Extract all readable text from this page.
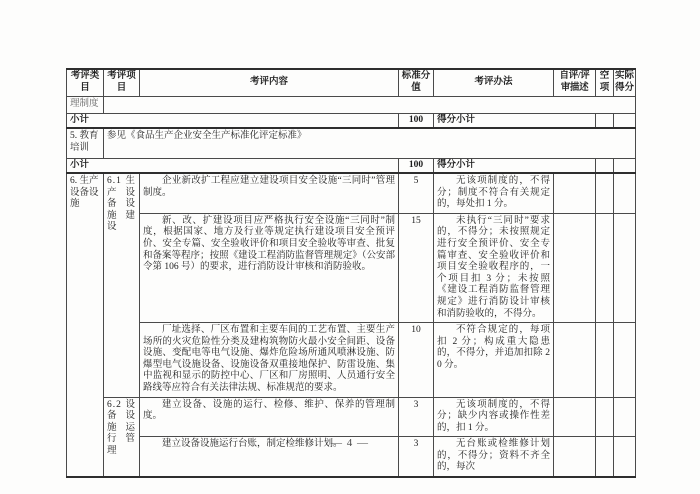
考评类目	考评项目	考评内容	标准分值	考评办法	自评/评审描述	空项	实际得分
理制度							
小计			100	得分小计			
5. 教育培训	参见《食品生产企业安全生产标准化评定标准》						
小计			100	得分小计			
6. 生产设备设施	6.1 生产设备设施建设	企业新改扩工程应建立建设项目安全设施“三同时”管理制度。	5	无该项制度的，不得分；制度不符合有关规定的，每处扣 1 分。			
		新、改、扩建设项目应严格执行安全设施“三同时”制度，根据国家、地方及行业等规定执行建设项目安全预评价、安全专篇、安全验收评价和项目安全验收等审查、批复和备案等程序；按照《建设工程消防监督管理规定》（公安部令第 106 号）的要求，进行消防设计审核和消防验收。	15	未执行“三同时”要求的，不得分；未按照规定进行安全预评价、安全专篇审查、安全验收评价和项目安全验收程序的，一个项目扣 3 分；未按照《建设工程消防监督管理规定》进行消防设计审核和消防验收的，不得分。			
		厂址选择、厂区布置和主要车间的工艺布置、主要生产场所的火灾危险性分类及建构筑物防火最小安全间距、设备设施、变配电等电气设施、爆炸危险场所通风喷淋设施、防爆型电气设施设备、设施设备双重接地保护、防雷设施、集中监视和显示的防控中心、厂区和厂房照明、人员通行安全路线等应符合有关法律法规、标准规范的要求。	10	不符合规定的，每项扣 2 分；构成重大隐患的，不得分，并追加扣除 20 分。			
	6.2 设备设施运行管理	建立设备、设施的运行、检修、维护、保养的管理制度。	3	无该项制度的，不得分；缺少内容或操作性差的，扣 1 分。			
		建立设备设施运行台账，制定检维修计划。	3	无台账或检维修计划的，不得分；资料不齐全的，每次			
— 4 —
